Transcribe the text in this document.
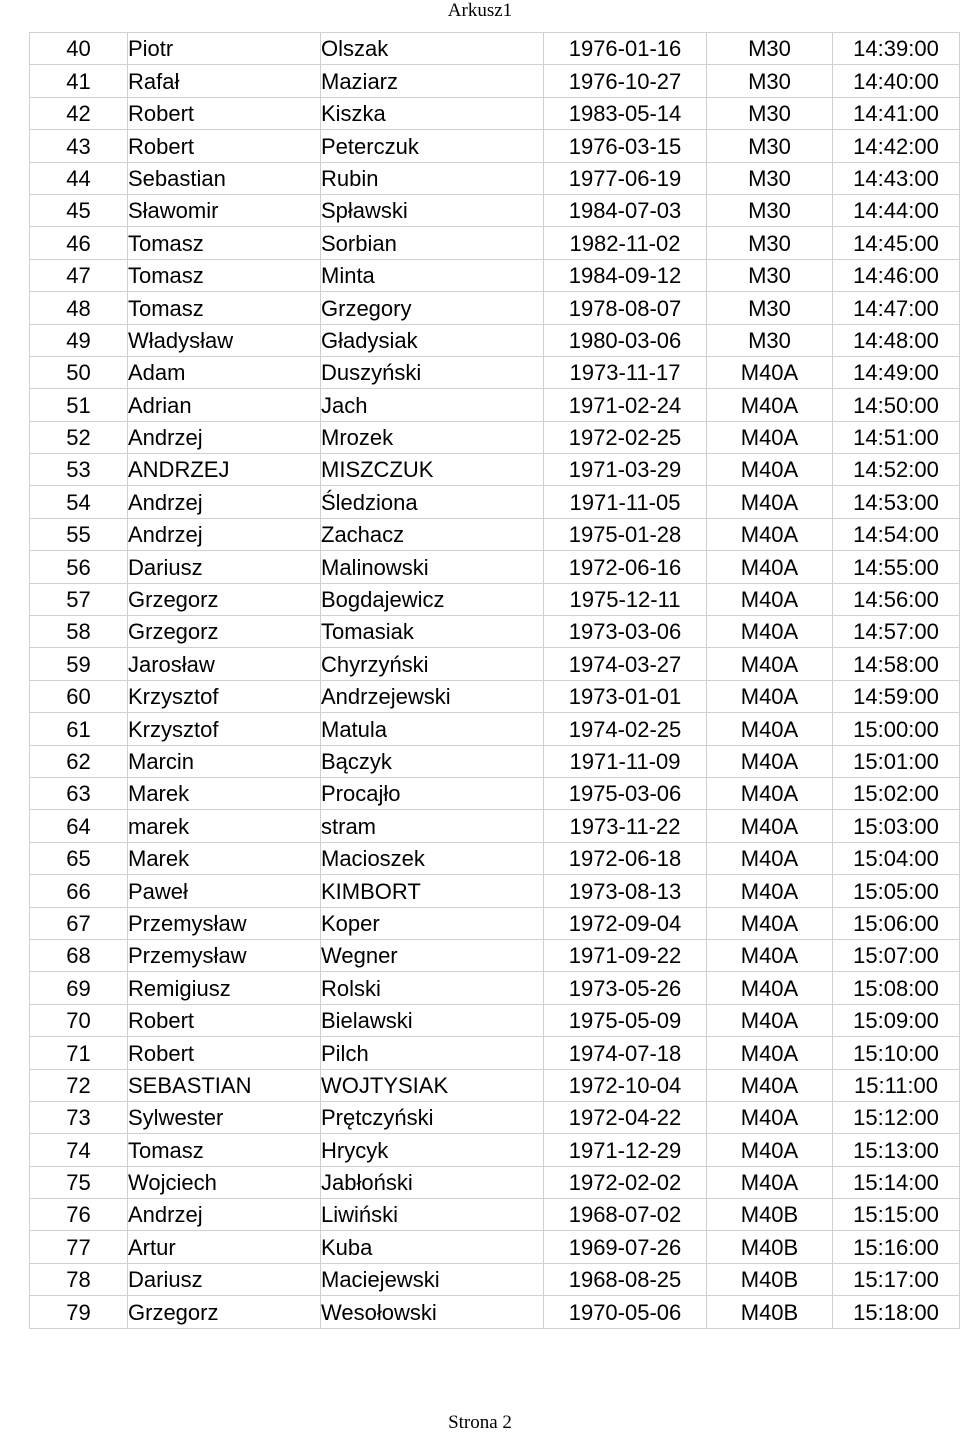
Arkusz1
40	Piotr	Olszak	1976-01-16	M30	14:39:00
41	Rafał	Maziarz	1976-10-27	M30	14:40:00
42	Robert	Kiszka	1983-05-14	M30	14:41:00
43	Robert	Peterczuk	1976-03-15	M30	14:42:00
44	Sebastian	Rubin	1977-06-19	M30	14:43:00
45	Sławomir	Spławski	1984-07-03	M30	14:44:00
46	Tomasz	Sorbian	1982-11-02	M30	14:45:00
47	Tomasz	Minta	1984-09-12	M30	14:46:00
48	Tomasz	Grzegory	1978-08-07	M30	14:47:00
49	Władysław	Gładysiak	1980-03-06	M30	14:48:00
50	Adam	Duszyński	1973-11-17	M40A	14:49:00
51	Adrian	Jach	1971-02-24	M40A	14:50:00
52	Andrzej	Mrozek	1972-02-25	M40A	14:51:00
53	ANDRZEJ	MISZCZUK	1971-03-29	M40A	14:52:00
54	Andrzej	Śledziona	1971-11-05	M40A	14:53:00
55	Andrzej	Zachacz	1975-01-28	M40A	14:54:00
56	Dariusz	Malinowski	1972-06-16	M40A	14:55:00
57	Grzegorz	Bogdajewicz	1975-12-11	M40A	14:56:00
58	Grzegorz	Tomasiak	1973-03-06	M40A	14:57:00
59	Jarosław	Chyrzyński	1974-03-27	M40A	14:58:00
60	Krzysztof	Andrzejewski	1973-01-01	M40A	14:59:00
61	Krzysztof	Matula	1974-02-25	M40A	15:00:00
62	Marcin	Bączyk	1971-11-09	M40A	15:01:00
63	Marek	Procajło	1975-03-06	M40A	15:02:00
64	marek	stram	1973-11-22	M40A	15:03:00
65	Marek	Macioszek	1972-06-18	M40A	15:04:00
66	Paweł	KIMBORT	1973-08-13	M40A	15:05:00
67	Przemysław	Koper	1972-09-04	M40A	15:06:00
68	Przemysław	Wegner	1971-09-22	M40A	15:07:00
69	Remigiusz	Rolski	1973-05-26	M40A	15:08:00
70	Robert	Bielawski	1975-05-09	M40A	15:09:00
71	Robert	Pilch	1974-07-18	M40A	15:10:00
72	SEBASTIAN	WOJTYSIAK	1972-10-04	M40A	15:11:00
73	Sylwester	Prętczyński	1972-04-22	M40A	15:12:00
74	Tomasz	Hrycyk	1971-12-29	M40A	15:13:00
75	Wojciech	Jabłoński	1972-02-02	M40A	15:14:00
76	Andrzej	Liwiński	1968-07-02	M40B	15:15:00
77	Artur	Kuba	1969-07-26	M40B	15:16:00
78	Dariusz	Maciejewski	1968-08-25	M40B	15:17:00
79	Grzegorz	Wesołowski	1970-05-06	M40B	15:18:00
Strona 2
